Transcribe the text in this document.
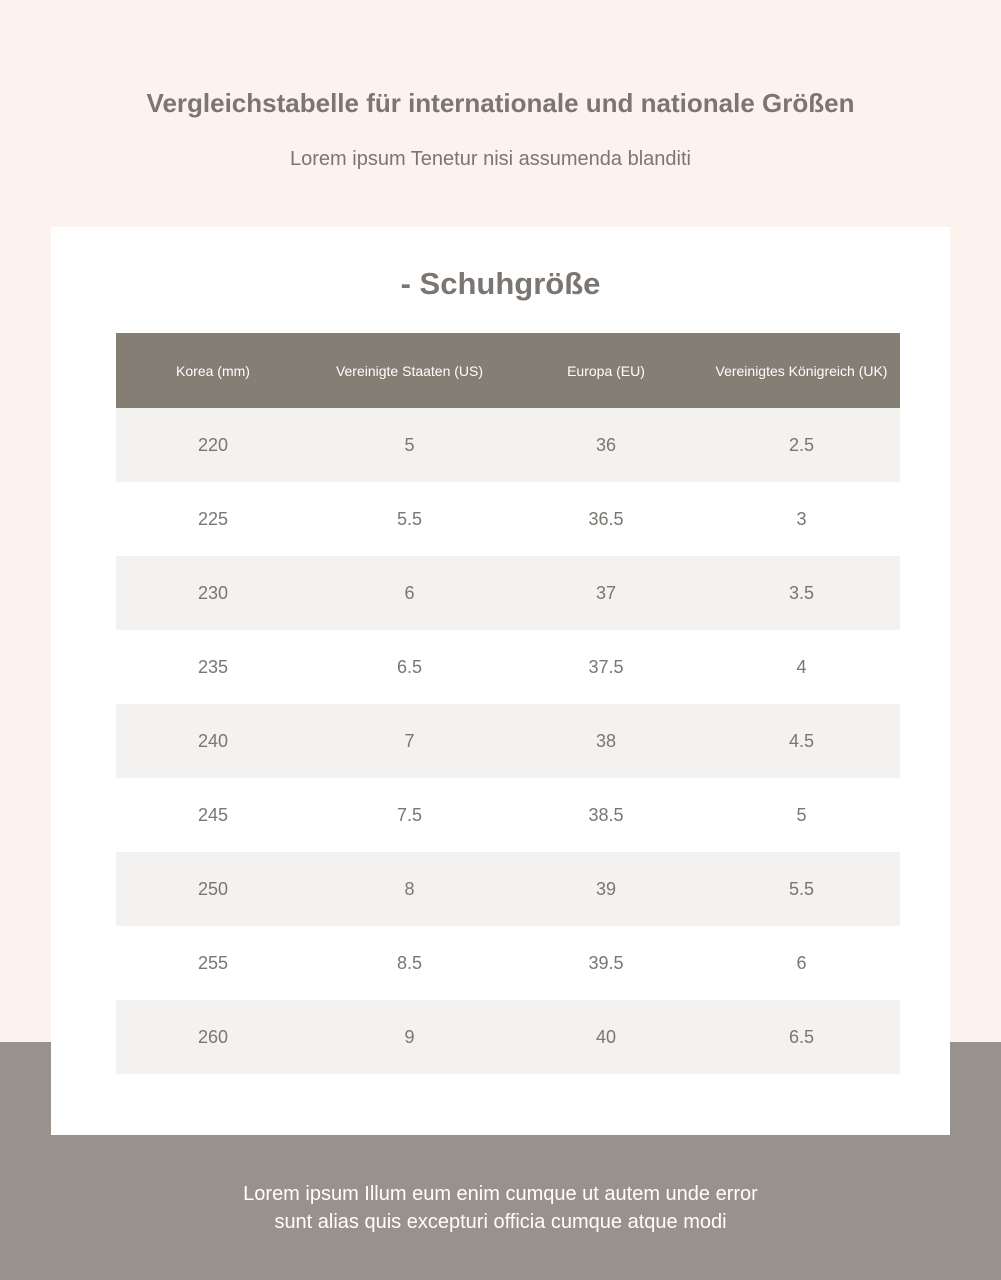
Vergleichstabelle für internationale und nationale Größen

Lorem ipsum Tenetur nisi assumenda blanditi

- Schuhgröße
Korea (mm)	Vereinigte Staaten (US)	Europa (EU)	Vereinigtes Königreich (UK)
220	5	36	2.5
225	5.5	36.5	3
230	6	37	3.5
235	6.5	37.5	4
240	7	38	4.5
245	7.5	38.5	5
250	8	39	5.5
255	8.5	39.5	6
260	9	40	6.5

Lorem ipsum Illum eum enim cumque ut autem unde error
sunt alias quis excepturi officia cumque atque modi
